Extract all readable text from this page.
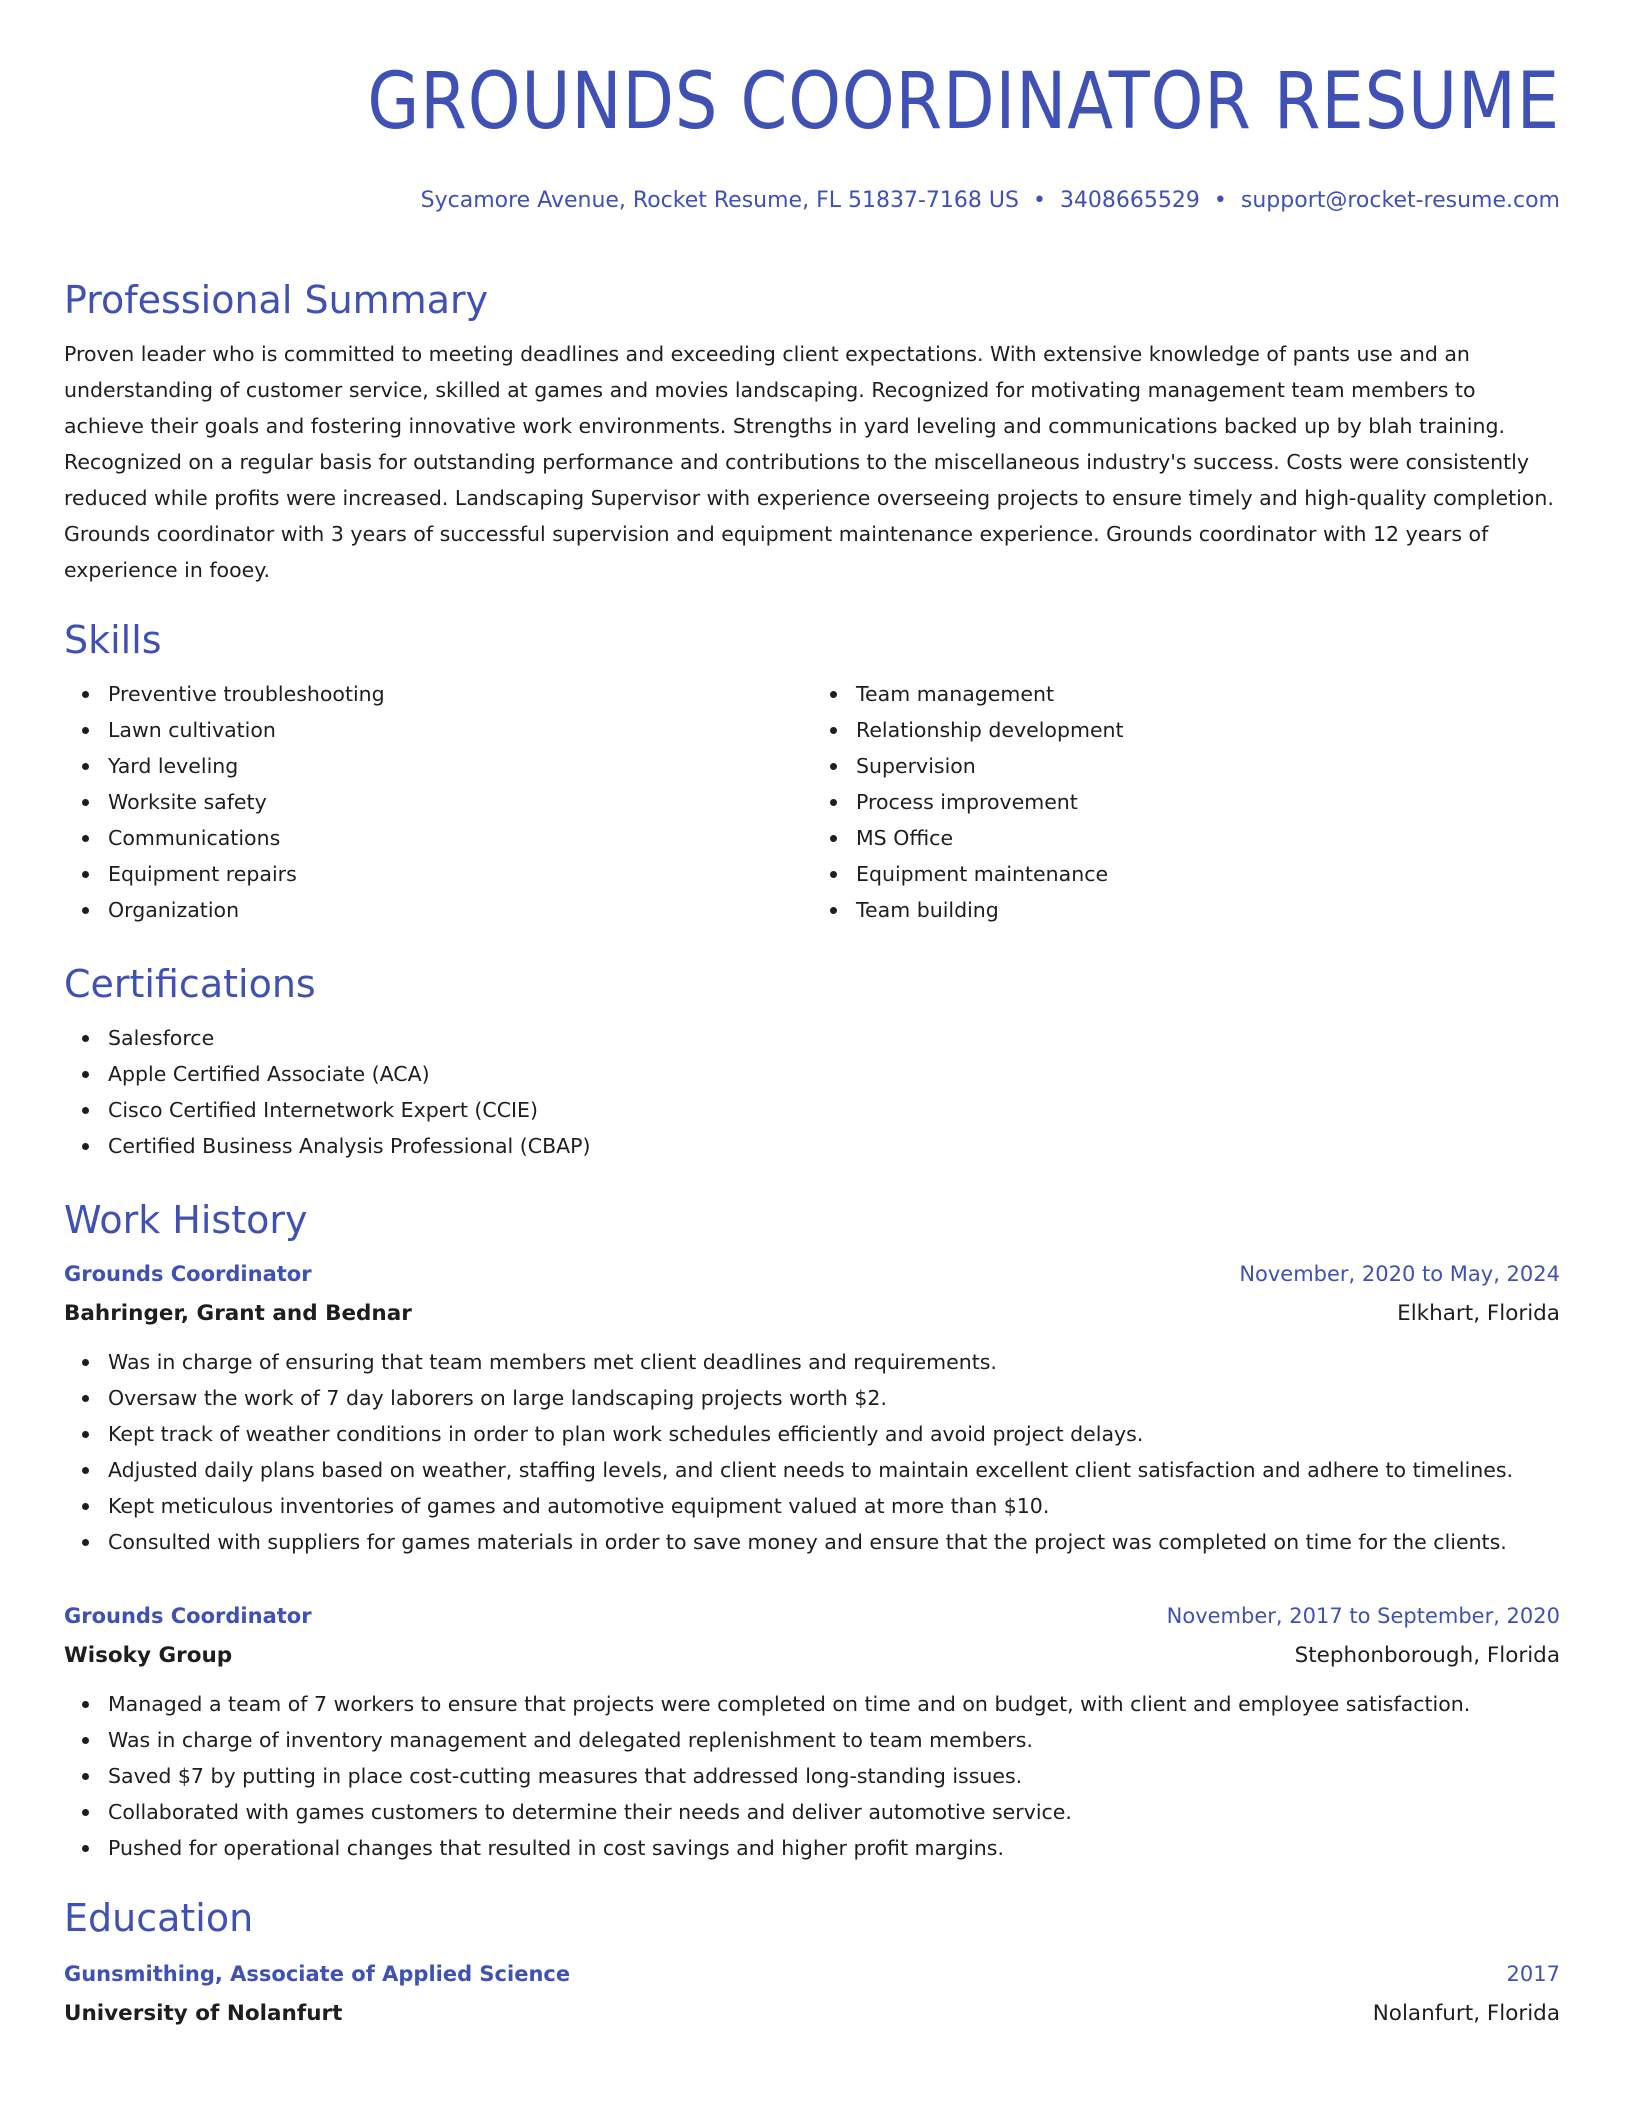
GROUNDS COORDINATOR RESUME
Sycamore Avenue, Rocket Resume, FL 51837-7168 US • 3408665529 • support@rocket-resume.com
Professional Summary
Proven leader who is committed to meeting deadlines and exceeding client expectations. With extensive knowledge of pants use and an understanding of customer service, skilled at games and movies landscaping. Recognized for motivating management team members to achieve their goals and fostering innovative work environments. Strengths in yard leveling and communications backed up by blah training. Recognized on a regular basis for outstanding performance and contributions to the miscellaneous industry's success. Costs were consistently reduced while profits were increased. Landscaping Supervisor with experience overseeing projects to ensure timely and high-quality completion. Grounds coordinator with 3 years of successful supervision and equipment maintenance experience. Grounds coordinator with 12 years of experience in fooey.
Skills
Preventive troubleshooting
Lawn cultivation
Yard leveling
Worksite safety
Communications
Equipment repairs
Organization
Team management
Relationship development
Supervision
Process improvement
MS Office
Equipment maintenance
Team building
Certifications
Salesforce
Apple Certified Associate (ACA)
Cisco Certified Internetwork Expert (CCIE)
Certified Business Analysis Professional (CBAP)
Work History
Grounds Coordinator	November, 2020 to May, 2024
Bahringer, Grant and Bednar	Elkhart, Florida
Was in charge of ensuring that team members met client deadlines and requirements.
Oversaw the work of 7 day laborers on large landscaping projects worth $2.
Kept track of weather conditions in order to plan work schedules efficiently and avoid project delays.
Adjusted daily plans based on weather, staffing levels, and client needs to maintain excellent client satisfaction and adhere to timelines.
Kept meticulous inventories of games and automotive equipment valued at more than $10.
Consulted with suppliers for games materials in order to save money and ensure that the project was completed on time for the clients.
Grounds Coordinator	November, 2017 to September, 2020
Wisoky Group	Stephonborough, Florida
Managed a team of 7 workers to ensure that projects were completed on time and on budget, with client and employee satisfaction.
Was in charge of inventory management and delegated replenishment to team members.
Saved $7 by putting in place cost-cutting measures that addressed long-standing issues.
Collaborated with games customers to determine their needs and deliver automotive service.
Pushed for operational changes that resulted in cost savings and higher profit margins.
Education
Gunsmithing, Associate of Applied Science	2017
University of Nolanfurt	Nolanfurt, Florida
